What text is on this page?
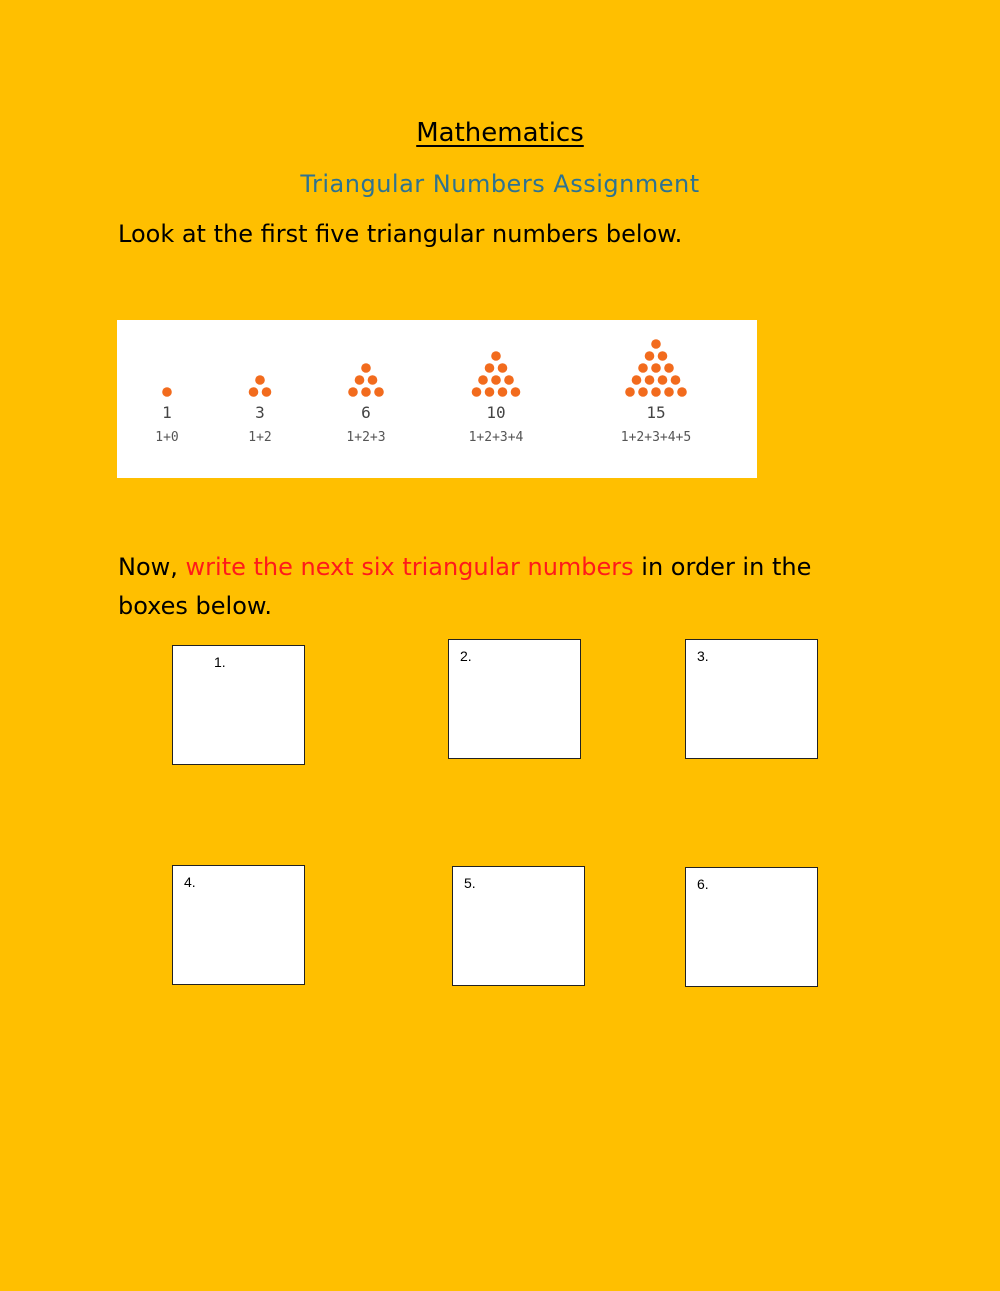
Mathematics
Triangular Numbers Assignment
Look at the first five triangular numbers below.
1
1+0
3
1+2
6
1+2+3
10
1+2+3+4
15
1+2+3+4+5
Now, write the next six triangular numbers in order in the boxes below.
1.	2.	3.
4.	5.	6.
